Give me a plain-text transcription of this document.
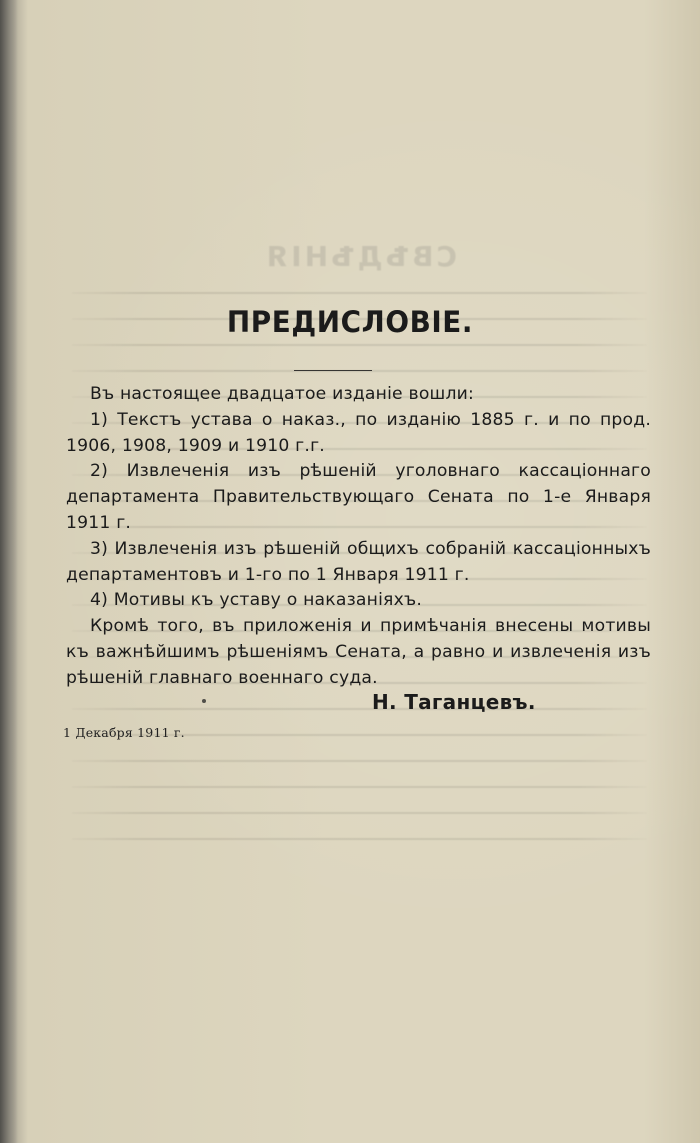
СВѢДѢНIЯ
ПРЕДИСЛОВIЕ.

Въ настоящее двадцатое изданiе вошли:

1) Текстъ устава о наказ., по изданiю 1885 г. и по прод. 1906, 1908, 1909 и 1910 г.г.

2) Извлеченiя изъ рѣшенiй уголовнаго кассацiоннаго департамента Правительствующаго Сената по 1-е Января 1911 г.

3) Извлеченiя изъ рѣшенiй общихъ собранiй кассацiонныхъ департаментовъ и 1-го по 1 Января 1911 г.

4) Мотивы къ уставу о наказанiяхъ.

Кромѣ того, въ приложенiя и примѣчанiя внесены мотивы къ важнѣйшимъ рѣшенiямъ Сената, а равно и извлеченiя изъ рѣшенiй главнаго военнаго суда.

Н. Таганцевъ.
1 Декабря 1911 г.
